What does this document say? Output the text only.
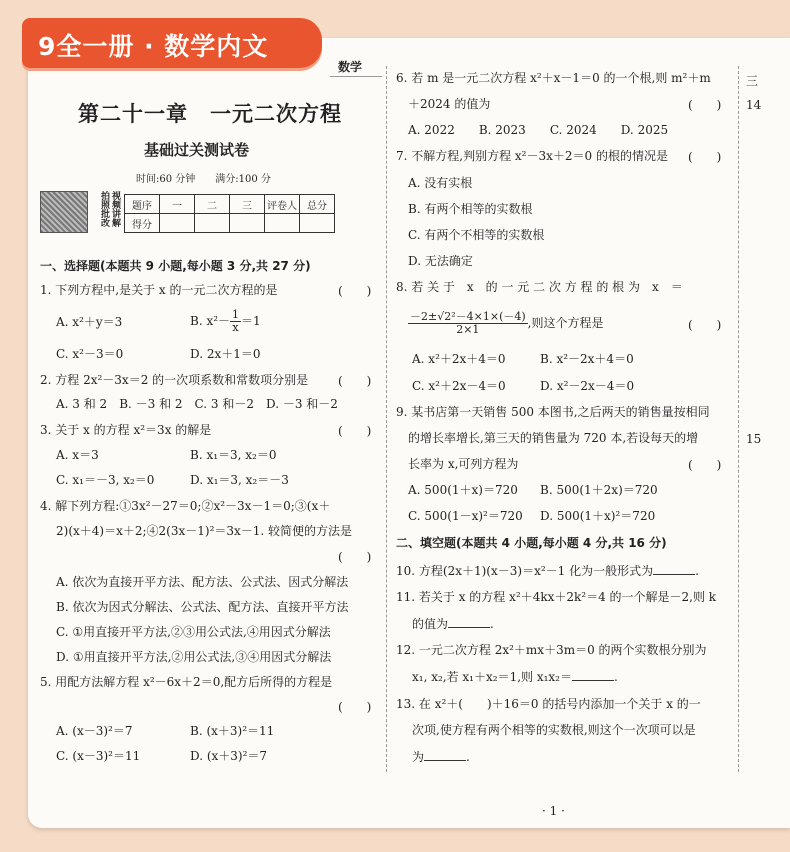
9全一册 · 数学内文
数学
第二十一章　一元二次方程
基础过关测试卷
时间:60 分钟　　满分:100 分
视频讲解 拍照批改	题序	一	二	三	评卷人	总分
得分					
一、选择题(本题共 9 小题,每小题 3 分,共 27 分)
1. 下列方程中,是关于 x 的一元二次方程的是	(　　)
A. x²＋y＝3	B. $x^2- \frac{1}{x} =1$
C. x²－3＝0	D. 2x＋1＝0
2. 方程 2x²－3x＝2 的一次项系数和常数项分别是 (　　)
A. 3 和 2　B. －3 和 2　C. 3 和－2　D. －3 和－2
3. 关于 x 的方程 x²＝3x 的解是	(　　)
A. x＝3	B. x₁＝3, x₂＝0
C. x₁＝－3, x₂＝0	D. x₁＝3, x₂＝－3
4. 解下列方程:①3x²－27＝0;②x²－3x－1＝0;③(x＋
2)(x＋4)＝x＋2;④2(3x－1)²＝3x－1. 较简便的方法是
(　　)
A. 依次为直接开平方法、配方法、公式法、因式分解法
B. 依次为因式分解法、公式法、配方法、直接开平方法
C. ①用直接开平方法,②③用公式法,④用因式分解法
D. ①用直接开平方法,②用公式法,③④用因式分解法
5. 用配方法解方程 x²－6x＋2＝0,配方后所得的方程是
(　　)
A. (x－3)²＝7	B. (x＋3)²＝11
C. (x－3)²＝11	D. (x＋3)²＝7
6. 若 m 是一元二次方程 x²＋x－1＝0 的一个根,则 m²＋m
＋2024 的值为	(　　)
A. 2022　　B. 2023　　C. 2024　　D. 2025
7. 不解方程,判别方程 x²－3x＋2＝0 的根的情况是 (　　)
A. 没有实根
B. 有两个相等的实数根
C. 有两个不相等的实数根
D. 无法确定
8. 若 关 于　x　的 一 元 二 次 方 程 的 根 为　x　＝
$\frac{\text{－2±√2²－4×1×(－4)}}{2\times 1}$ ,则这个方程是	(　　)
A. x²＋2x＋4＝0	B. x²－2x＋4＝0
C. x²＋2x－4＝0	D. x²－2x－4＝0
9. 某书店第一天销售 500 本图书,之后两天的销售量按相同
的增长率增长,第三天的销售量为 720 本,若设每天的增
长率为 x,可列方程为	(　　)
A. 500(1＋x)＝720 B. 500(1＋2x)＝720
C. 500(1－x)²＝720 D. 500(1＋x)²＝720
二、填空题(本题共 4 小题,每小题 4 分,共 16 分)
10. 方程(2x＋1)(x－3)＝x²－1 化为一般形式为	.
11. 若关于 x 的方程 x²＋4kx＋2k²＝4 的一个解是－2,则 k
的值为	.
12. 一元二次方程 2x²＋mx＋3m＝0 的两个实数根分别为
x₁, x₂,若 x₁＋x₂＝1,则 x₁x₂＝	.
13. 在 x²＋(　　)＋16＝0 的括号内添加一个关于 x 的一
次项,使方程有两个相等的实数根,则这个一次项可以是
为	.
· 1 ·
三
14
15
